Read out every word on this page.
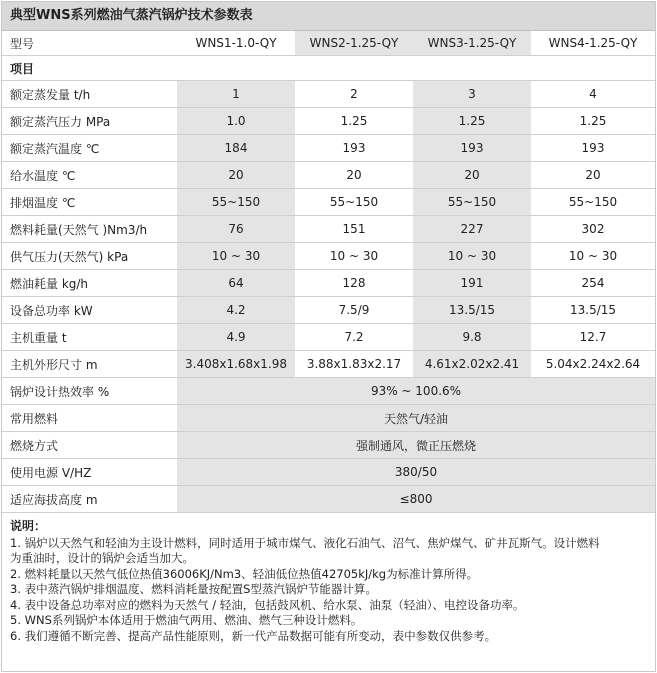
典型WNS系列燃油气蒸汽锅炉技术参数表
型号	WNS1-1.0-QY	WNS2-1.25-QY	WNS3-1.25-QY	WNS4-1.25-QY
项目				
额定蒸发量 t/h	1	2	3	4
额定蒸汽压力 MPa	1.0	1.25	1.25	1.25
额定蒸汽温度 ℃	184	193	193	193
给水温度 ℃	20	20	20	20
排烟温度 ℃	55~150	55~150	55~150	55~150
燃料耗量(天然气 )Nm3/h	76	151	227	302
供气压力(天然气) kPa	10 ~ 30	10 ~ 30	10 ~ 30	10 ~ 30
燃油耗量 kg/h	64	128	191	254
设备总功率 kW	4.2	7.5/9	13.5/15	13.5/15
主机重量 t	4.9	7.2	9.8	12.7
主机外形尺寸 m	3.408x1.68x1.98	3.88x1.83x2.17	4.61x2.02x2.41	5.04x2.24x2.64
锅炉设计热效率 %	93% ~ 100.6%			
常用燃料	天然气/轻油			
燃烧方式	强制通风，微正压燃烧			
使用电源 V/HZ	380/50			
适应海拔高度 m	≤800			
说明：

1. 锅炉以天然气和轻油为主设计燃料，同时适用于城市煤气、液化石油气、沼气、焦炉煤气、矿井瓦斯气。设计燃料

为重油时，设计的锅炉会适当加大。

2. 燃料耗量以天然气低位热值36006KJ/Nm3、轻油低位热值42705kJ/kg为标准计算所得。

3. 表中蒸汽锅炉排烟温度、燃料消耗量按配置S型蒸汽锅炉节能器计算。

4. 表中设备总功率对应的燃料为天然气 / 轻油，包括鼓风机、给水泵、油泵（轻油）、电控设备功率。

5. WNS系列锅炉本体适用于燃油气两用、燃油、燃气三种设计燃料。

6. 我们遵循不断完善、提高产品性能原则，新一代产品数据可能有所变动，表中参数仅供参考。
